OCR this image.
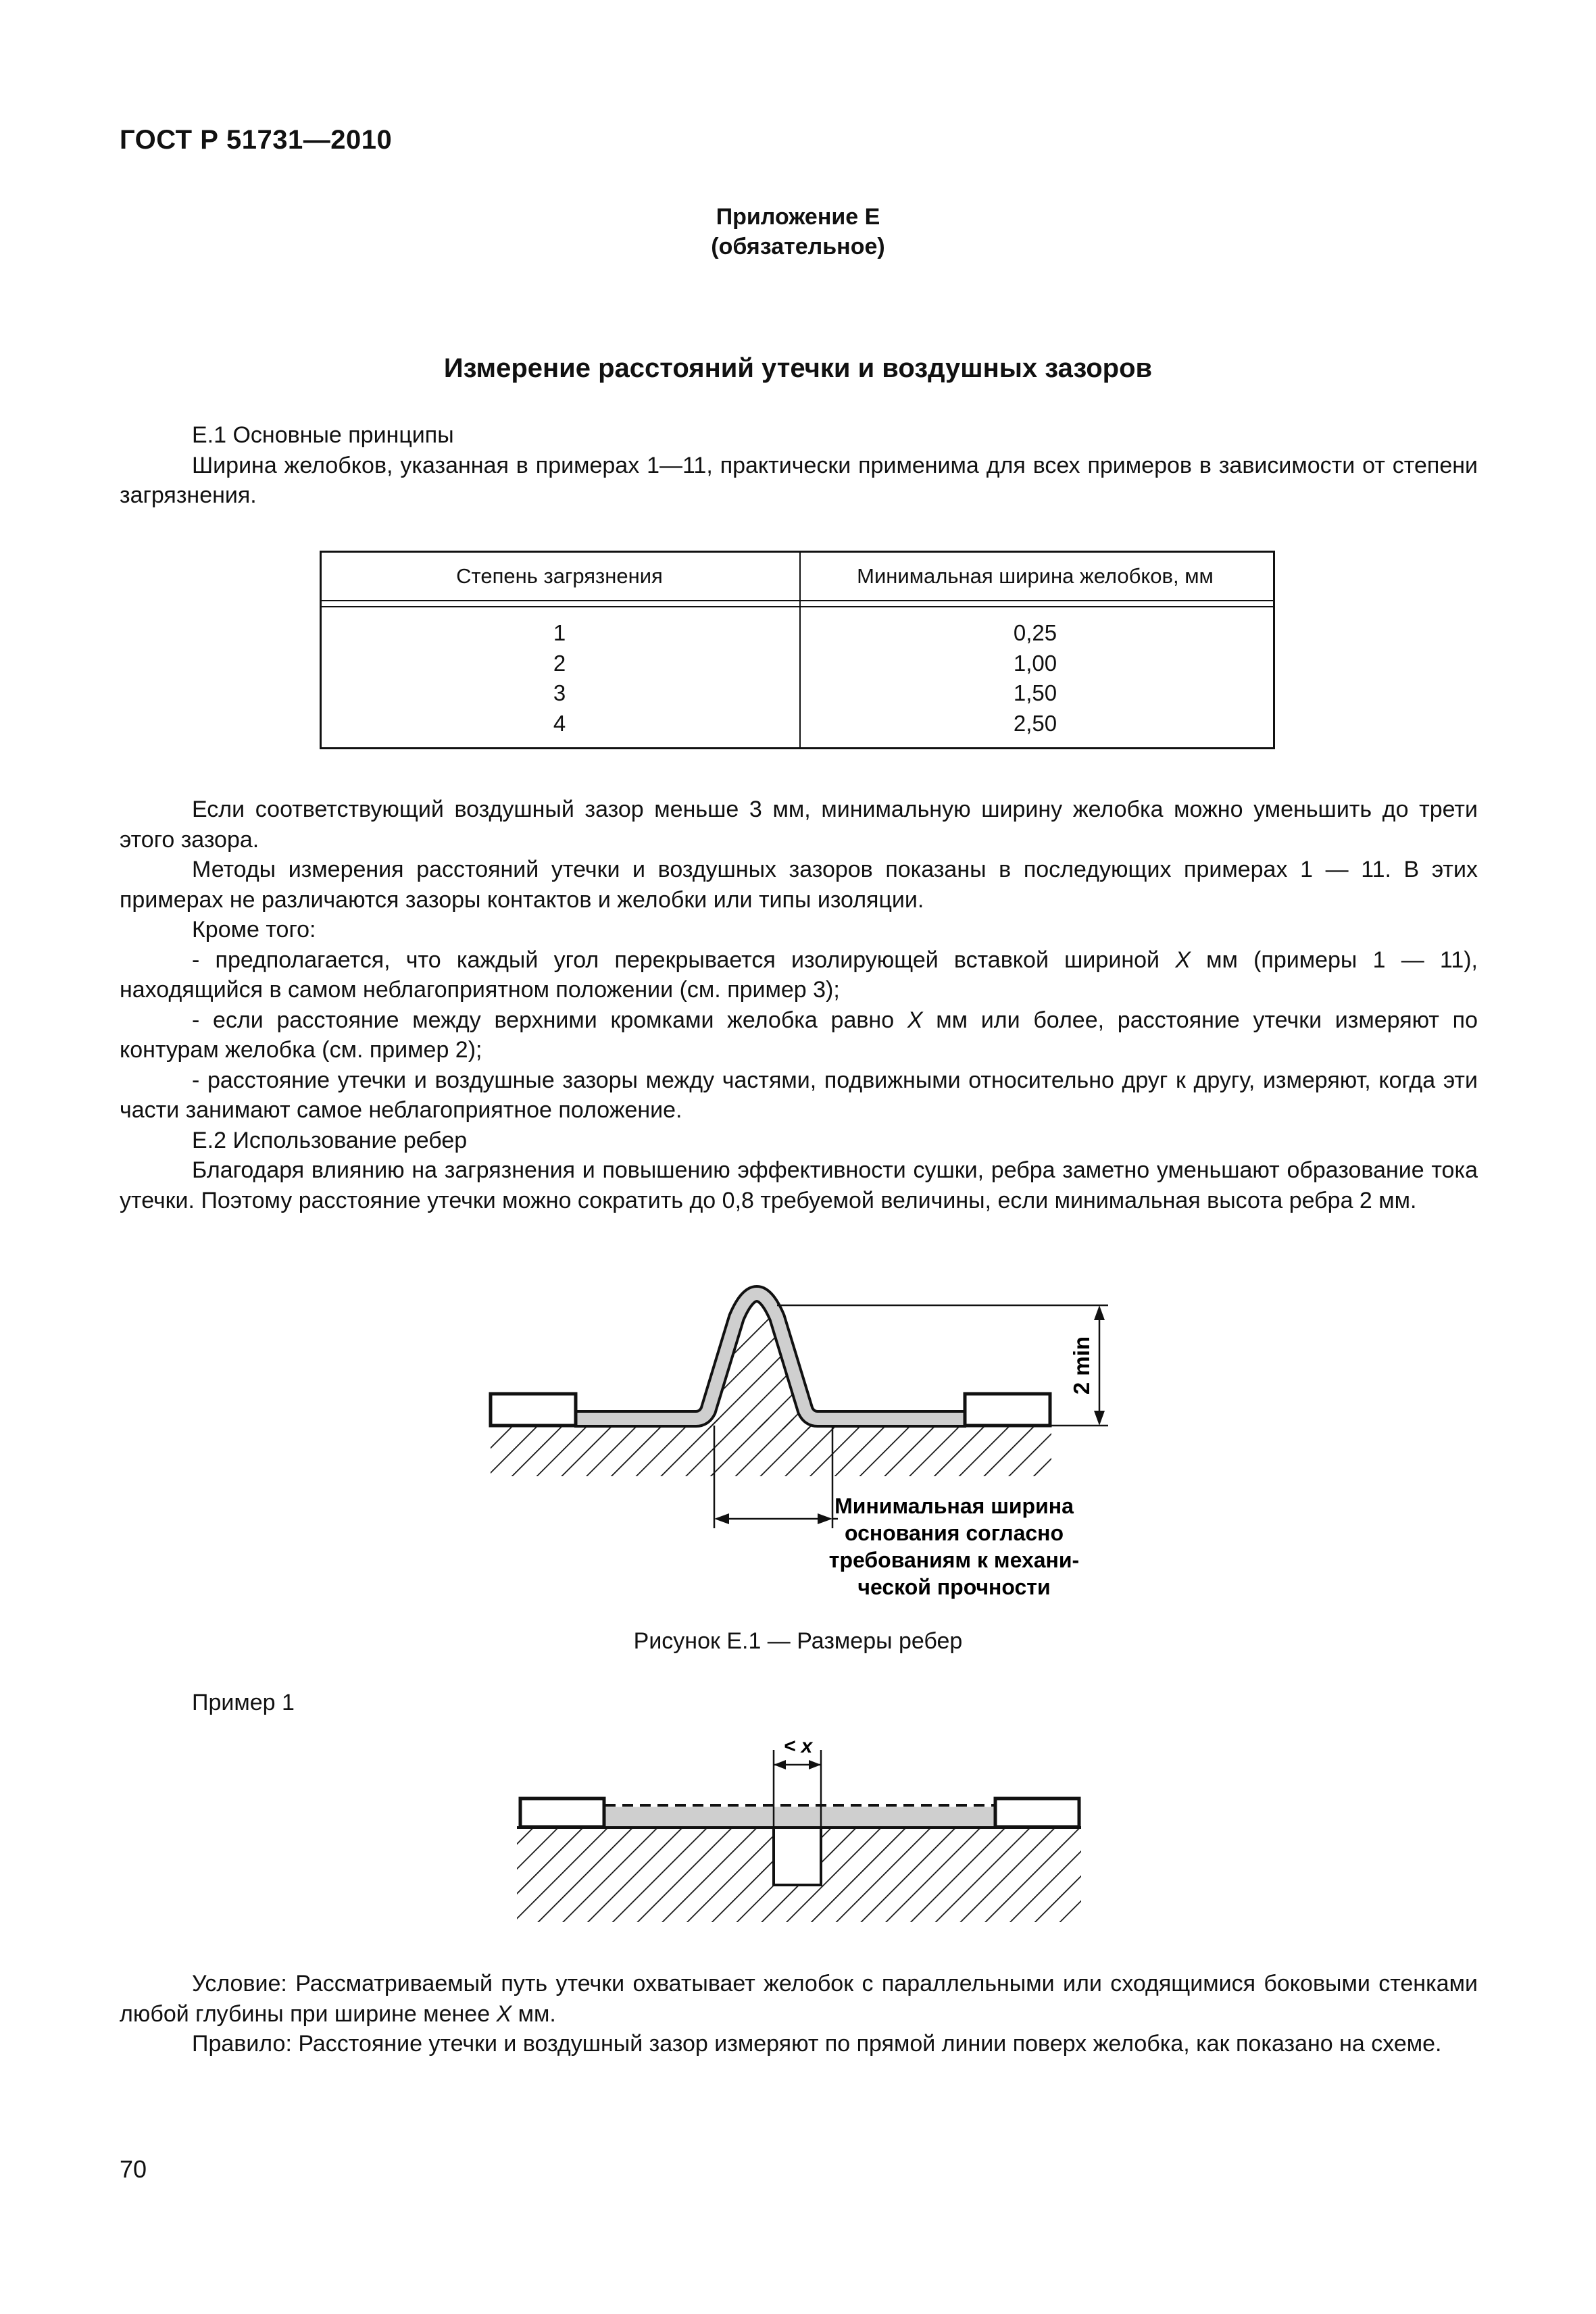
ГОСТ Р 51731—2010
Приложение Е
(обязательное)
Измерение расстояний утечки и воздушных зазоров

Е.1 Основные принципы

Ширина желобков, указанная в примерах 1—11, практически применима для всех примеров в зависимости от степени загрязнения.

Степень загрязнения	Минимальная ширина желобков, мм
1
2
3
4
0,25
1,00
1,50
2,50

Если соответствующий воздушный зазор меньше 3 мм, минимальную ширину желобка можно уменьшить до трети этого зазора.

Методы измерения расстояний утечки и воздушных зазоров показаны в последующих примерах 1 — 11. В этих примерах не различаются зазоры контактов и желобки или типы изоляции.

Кроме того:

- предполагается, что каждый угол перекрывается изолирующей вставкой шириной X мм (примеры 1 — 11), находящийся в самом неблагоприятном положении (см. пример 3);

- если расстояние между верхними кромками желобка равно X мм или более, расстояние утечки измеряют по контурам желобка (см. пример 2);

- расстояние утечки и воздушные зазоры между частями, подвижными относительно друг к другу, измеряют, когда эти части занимают самое неблагоприятное положение.

Е.2 Использование ребер

Благодаря влиянию на загрязнения и повышению эффективности сушки, ребра заметно уменьшают образование тока утечки. Поэтому расстояние утечки можно сократить до 0,8 требуемой величины, если минимальная высота ребра 2 мм.

2 min
Минимальная ширина
основания согласно
требованиям к механи-
ческой прочности
Рисунок Е.1 — Размеры ребер
Пример 1
< x

Условие: Рассматриваемый путь утечки охватывает желобок с параллельными или сходящимися боковыми стенками любой глубины при ширине менее X мм.

Правило: Расстояние утечки и воздушный зазор измеряют по прямой линии поверх желобка, как показано на схеме.

70
